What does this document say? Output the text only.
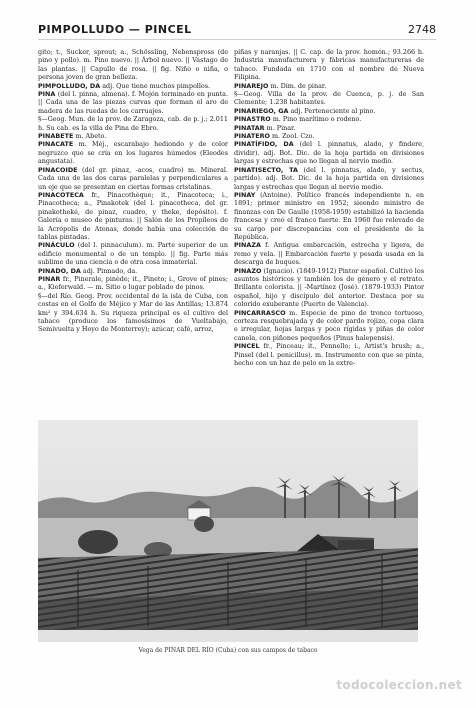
PIMPOLLUDO — PINCEL	2748

gito; t., Sucker, sprout; a., Schössling, Nebenspross (de pino y pollo). m. Pino nuevo. || Árbol nuevo. || Vástago de las plantas. || Capullo de rosa. || fig. Niño o niña, o persona joven de gran belleza.

PIMPOLLUDO, DA adj. Que tiene muchos pimpollos.

PINA (del l. pinna, almena). f. Mojón terminado en punta. || Cada una de las piezas curvas que forman el aro de madera de las ruedas de los carruajes.

§—Geog. Mun. de la prov. de Zaragoza, cab. de p. j.; 2.011 h. Su cab. es la villa de Pina de Ebro.

PINABETE m. Abeto.

PINACATE m. Méj., escarabajo hediondo y de color negruzco que se cría en los lugares húmedos (Eleodes angustata).

PINACOIDE (del gr. pinaz, -acos, cuadro) m. Mineral. Cada una de las dos caras paralelas y perpendiculares a un eje que se presentan en ciertas formas cristalinas.

PINACOTECA fr., Pinacothèque; it., Pinacoteca; i., Pinacotheca; a., Pinakotek (del l. pinacotheca, del gr. pinakotheké, de pinaz, cuadro, y theke, depósito). f. Galería o museo de pinturas. || Salón de los Propíleos de la Acrópolis de Atenas, donde había una colección de tablas pintadas.

PINÁCULO (del l. pinnaculum). m. Parte superior de un edificio monumental o de un templo. || fig. Parte más sublime de una ciencia o de otra cosa inmaterial.

PINADO, DA adj. Pinnado, da.

PINAR fr., Pinerale, pinède; it., Pineto; i., Grove of pines; a., Kieferwald. — m. Sitio o lugar poblado de pinos.

§—del Río. Geog. Prov. occidental de la isla de Cuba, con costas en el Golfo de Méjico y Mar de las Antillas; 13.874 km² y 394.634 h. Su riqueza principal es el cultivo del tabaco (produce los famosísimos de Vueltabajo, Semivuelta y Hoyo de Monterrey); azúcar, café, arroz,

piñas y naranjas. || C. cap. de la prov. homón.; 93.266 h. Industria manufacturera y fábricas manufactureras de tabaco. Fundada en 1710 con el nombre de Nueva Filipina.

PINAREJO m. Dim. de pinar.

§—Geog. Villa de la prov. de Cuenca, p. j. de San Clemente; 1.238 habitantes.

PINARIEGO, GA adj. Perteneciente al pino.

PINASTRO m. Pino marítimo o rodeno.

PINATAR m. Pinar.

PINATERO m. Zool. Czo.

PINATÍFIDO, DA (del l. pinnatus, alado, y findere, dividir). adj. Bot. Dic. de la hoja partida en divisiones largas y estrechas que no llegan al nervio medio.

PINATISECTO, TA (del l. pinnatus, alado, y sectus, partido). adj. Bot. Dic. de la hoja partida en divisiones largas y estrechas que llegan al nervio medio.

PINAY (Antoine). Político francés independiente n. en 1891; primer ministro en 1952; sieendo ministro de finanzas con De Gaulle (1958-1959) estabilizó la hacienda francesa y creó el franco fuerte. En 1960 fue relevado de su cargo por discrepancias con el presidente de la República.

PINAZA f. Antigua embarcación, estrecha y ligera, de remo y vela. || Embarcación fuerte y pesada usada en la descarga de buques.

PINAZO (Ignacio). (1849-1912) Pintor español. Cultivó los asuntos históricos y también los de género y el retrato. Brillante colorista. || -Martínez (José). (1879-1933) Pintor español, hijo y discípulo del anterior. Destaca por su colorido exuberante (Puerto de Valencia).

PINCARRASCO m. Especie de pino de tronco tortuoso, corteza resquebrajada y de color pardo rojizo, copa clara e irregular, hojas largas y poco rígidas y piñas de color canela, con piñones pequeños (Pinus halepensis).

PINCEL fr., Pinceau; it., Pennello; i., Artist's brush; a., Pinsel (del l. penicillus). m. Instrumento con que se pinta, hecho con un haz de pelo en la extre-

Vega de PINAR DEL RÍO (Cuba) con sus campos de tabaco
todocoleccion.net
